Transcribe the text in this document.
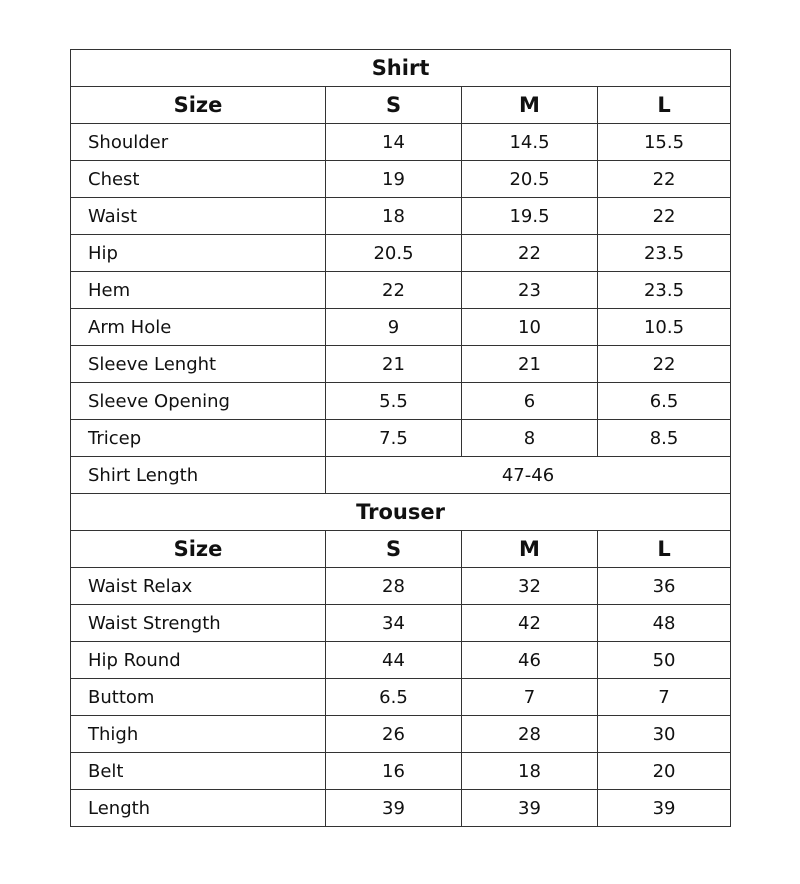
Shirt			
Size	S	M	L
Shoulder	14	14.5	15.5
Chest	19	20.5	22
Waist	18	19.5	22
Hip	20.5	22	23.5
Hem	22	23	23.5
Arm Hole	9	10	10.5
Sleeve Lenght	21	21	22
Sleeve Opening	5.5	6	6.5
Tricep	7.5	8	8.5
Shirt Length	47-46		
Trouser			
Size	S	M	L
Waist Relax	28	32	36
Waist Strength	34	42	48
Hip Round	44	46	50
Buttom	6.5	7	7
Thigh	26	28	30
Belt	16	18	20
Length	39	39	39
